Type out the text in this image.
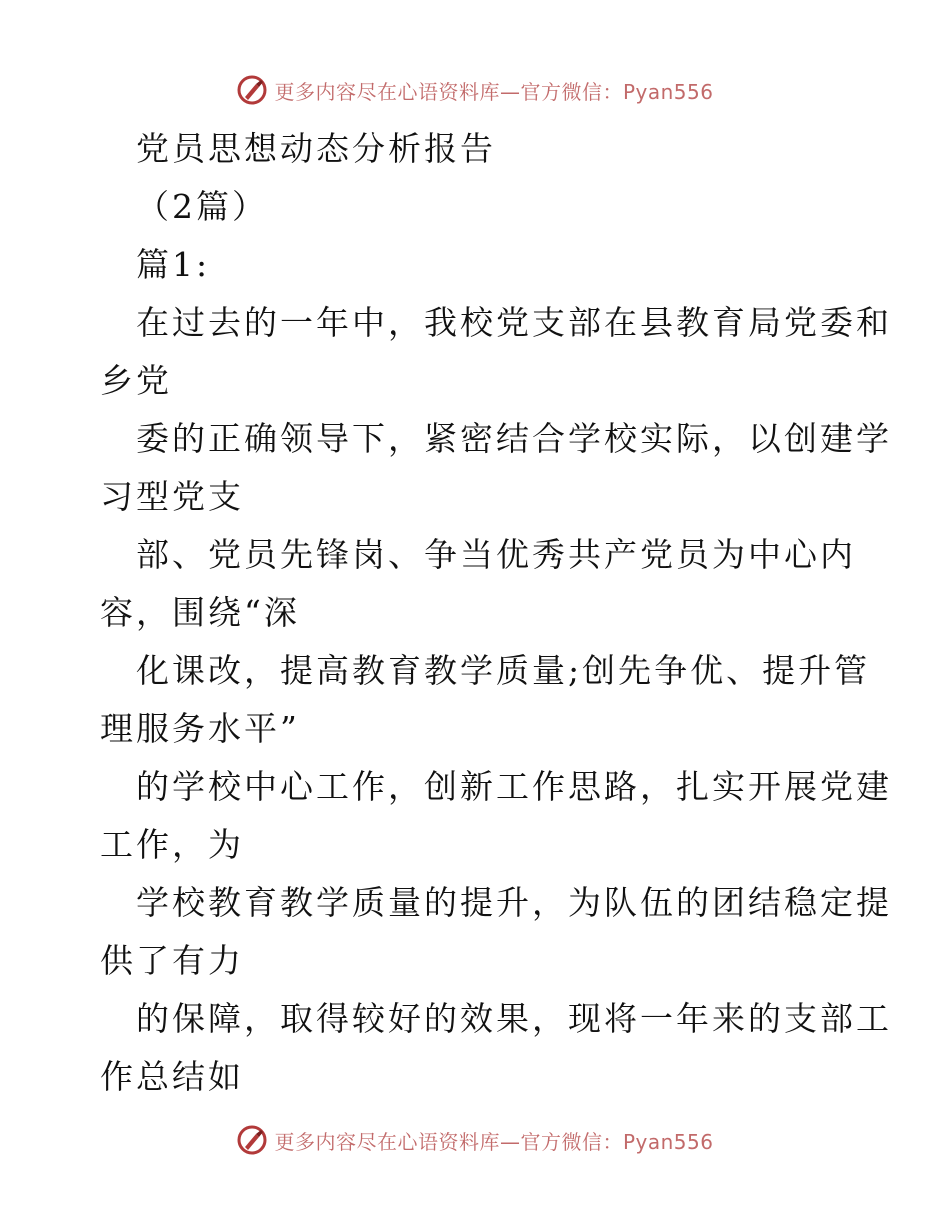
更多内容尽在心语资料库—官方微信：Pyan556
党员思想动态分析报告
（2篇）
篇1:
在过去的一年中，我校党支部在县教育局党委和
乡党
委的正确领导下，紧密结合学校实际，以创建学
习型党支
部、党员先锋岗、争当优秀共产党员为中心内
容，围绕“深
化课改，提高教育教学质量;创先争优、提升管
理服务水平”
的学校中心工作，创新工作思路，扎实开展党建
工作，为
学校教育教学质量的提升，为队伍的团结稳定提
供了有力
的保障，取得较好的效果，现将一年来的支部工
作总结如
更多内容尽在心语资料库—官方微信：Pyan556
